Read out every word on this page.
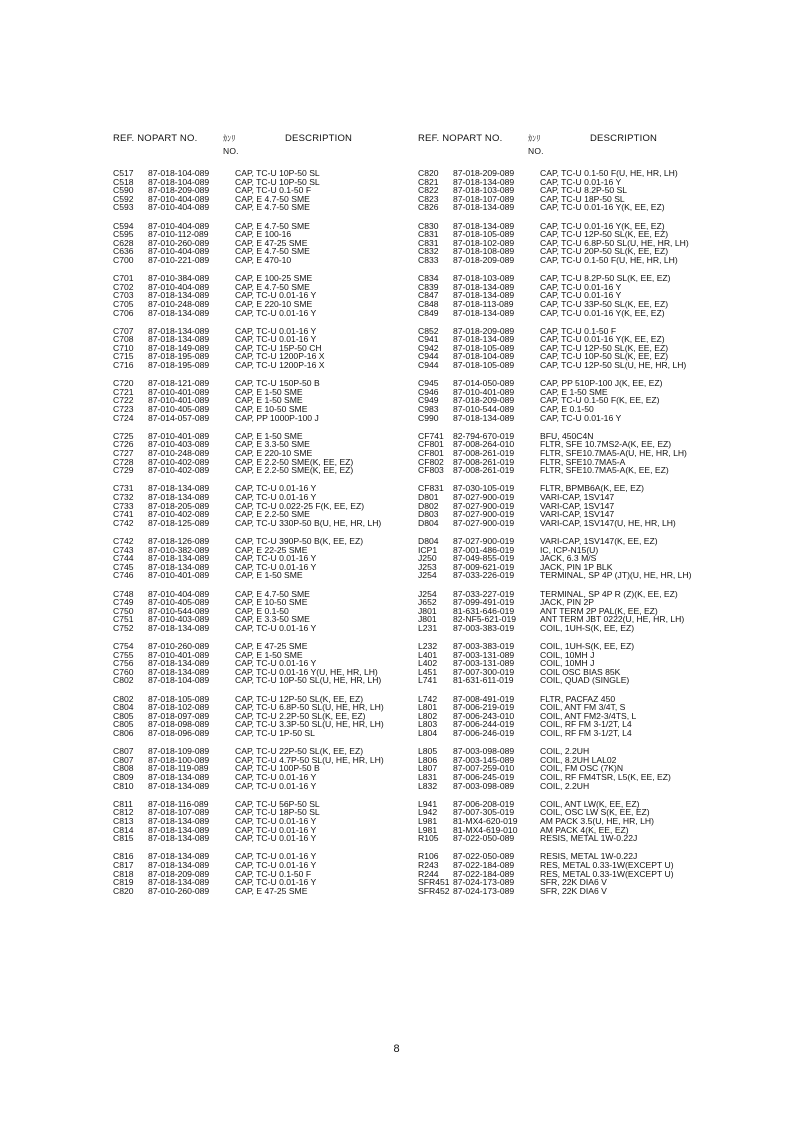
REF. NO PART NO.	ｶﾝﾘ
NO.
DESCRIPTION
C517 87-018-104-089	CAP, TC-U 10P-50 SL
C518 87-018-104-089	CAP, TC-U 10P-50 SL
C590 87-018-209-089	CAP, TC-U 0.1-50 F
C592 87-010-404-089	CAP, E 4.7-50 SME
C593 87-010-404-089	CAP, E 4.7-50 SME
C594 87-010-404-089	CAP, E 4.7-50 SME
C595 87-010-112-089	CAP, E 100-16
C628 87-010-260-089	CAP, E 47-25 SME
C636 87-010-404-089	CAP, E 4.7-50 SME
C700 87-010-221-089	CAP, E 470-10
C701 87-010-384-089	CAP, E 100-25 SME
C702 87-010-404-089	CAP, E 4.7-50 SME
C703 87-018-134-089	CAP, TC-U 0.01-16 Y
C705 87-010-248-089	CAP, E 220-10 SME
C706 87-018-134-089	CAP, TC-U 0.01-16 Y
C707 87-018-134-089	CAP, TC-U 0.01-16 Y
C708 87-018-134-089	CAP, TC-U 0.01-16 Y
C710 87-018-149-089	CAP, TC-U 15P-50 CH
C715 87-018-195-089	CAP, TC-U 1200P-16 X
C716 87-018-195-089	CAP, TC-U 1200P-16 X
C720 87-018-121-089	CAP, TC-U 150P-50 B
C721 87-010-401-089	CAP, E 1-50 SME
C722 87-010-401-089	CAP, E 1-50 SME
C723 87-010-405-089	CAP, E 10-50 SME
C724 87-014-057-089	CAP, PP 1000P-100 J
C725 87-010-401-089	CAP, E 1-50 SME
C726 87-010-403-089	CAP, E 3.3-50 SME
C727 87-010-248-089	CAP, E 220-10 SME
C728 87-010-402-089	CAP, E 2.2-50 SME(K, EE, EZ)
C729 87-010-402-089	CAP, E 2.2-50 SME(K, EE, EZ)
C731 87-018-134-089	CAP, TC-U 0.01-16 Y
C732 87-018-134-089	CAP, TC-U 0.01-16 Y
C733 87-018-205-089	CAP, TC-U 0.022-25 F(K, EE, EZ)
C741 87-010-402-089	CAP, E 2.2-50 SME
C742 87-018-125-089	CAP, TC-U 330P-50 B(U, HE, HR, LH)
C742 87-018-126-089	CAP, TC-U 390P-50 B(K, EE, EZ)
C743 87-010-382-089	CAP, E 22-25 SME
C744 87-018-134-089	CAP, TC-U 0.01-16 Y
C745 87-018-134-089	CAP, TC-U 0.01-16 Y
C746 87-010-401-089	CAP, E 1-50 SME
C748 87-010-404-089	CAP, E 4.7-50 SME
C749 87-010-405-089	CAP, E 10-50 SME
C750 87-010-544-089	CAP, E 0.1-50
C751 87-010-403-089	CAP, E 3.3-50 SME
C752 87-018-134-089	CAP, TC-U 0.01-16 Y
C754 87-010-260-089	CAP, E 47-25 SME
C755 87-010-401-089	CAP, E 1-50 SME
C756 87-018-134-089	CAP, TC-U 0.01-16 Y
C760 87-018-134-089	CAP, TC-U 0.01-16 Y(U, HE, HR, LH)
C802 87-018-104-089	CAP, TC-U 10P-50 SL(U, HE, HR, LH)
C802 87-018-105-089	CAP, TC-U 12P-50 SL(K, EE, EZ)
C804 87-018-102-089	CAP, TC-U 6.8P-50 SL(U, HE, HR, LH)
C805 87-018-097-089	CAP, TC-U 2.2P-50 SL(K, EE, EZ)
C805 87-018-098-089	CAP, TC-U 3.3P-50 SL(U, HE, HR, LH)
C806 87-018-096-089	CAP, TC-U 1P-50 SL
C807 87-018-109-089	CAP, TC-U 22P-50 SL(K, EE, EZ)
C807 87-018-100-089	CAP, TC-U 4.7P-50 SL(U, HE, HR, LH)
C808 87-018-119-089	CAP, TC-U 100P-50 B
C809 87-018-134-089	CAP, TC-U 0.01-16 Y
C810 87-018-134-089	CAP, TC-U 0.01-16 Y
C811 87-018-116-089	CAP, TC-U 56P-50 SL
C812 87-018-107-089	CAP, TC-U 18P-50 SL
C813 87-018-134-089	CAP, TC-U 0.01-16 Y
C814 87-018-134-089	CAP, TC-U 0.01-16 Y
C815 87-018-134-089	CAP, TC-U 0.01-16 Y
C816 87-018-134-089	CAP, TC-U 0.01-16 Y
C817 87-018-134-089	CAP, TC-U 0.01-16 Y
C818 87-018-209-089	CAP, TC-U 0.1-50 F
C819 87-018-134-089	CAP, TC-U 0.01-16 Y
C820 87-010-260-089	CAP, E 47-25 SME
REF. NO PART NO.	ｶﾝﾘ
NO.
DESCRIPTION
C820 87-018-209-089	CAP, TC-U 0.1-50 F(U, HE, HR, LH)
C821 87-018-134-089	CAP, TC-U 0.01-16 Y
C822 87-018-103-089	CAP, TC-U 8.2P-50 SL
C823 87-018-107-089	CAP, TC-U 18P-50 SL
C826 87-018-134-089	CAP, TC-U 0.01-16 Y(K, EE, EZ)
C830 87-018-134-089	CAP, TC-U 0.01-16 Y(K, EE, EZ)
C831 87-018-105-089	CAP, TC-U 12P-50 SL(K, EE, EZ)
C831 87-018-102-089	CAP, TC-U 6.8P-50 SL(U, HE, HR, LH)
C832 87-018-108-089	CAP, TC-U 20P-50 SL(K, EE, EZ)
C833 87-018-209-089	CAP, TC-U 0.1-50 F(U, HE, HR, LH)
C834 87-018-103-089	CAP, TC-U 8.2P-50 SL(K, EE, EZ)
C839 87-018-134-089	CAP, TC-U 0.01-16 Y
C847 87-018-134-089	CAP, TC-U 0.01-16 Y
C848 87-018-113-089	CAP, TC-U 33P-50 SL(K, EE, EZ)
C849 87-018-134-089	CAP, TC-U 0.01-16 Y(K, EE, EZ)
C852 87-018-209-089	CAP, TC-U 0.1-50 F
C941 87-018-134-089	CAP, TC-U 0.01-16 Y(K, EE, EZ)
C942 87-018-105-089	CAP, TC-U 12P-50 SL(K, EE, EZ)
C944 87-018-104-089	CAP, TC-U 10P-50 SL(K, EE, EZ)
C944 87-018-105-089	CAP, TC-U 12P-50 SL(U, HE, HR, LH)
C945 87-014-050-089	CAP, PP 510P-100 J(K, EE, EZ)
C946 87-010-401-089	CAP, E 1-50 SME
C949 87-018-209-089	CAP, TC-U 0.1-50 F(K, EE, EZ)
C983 87-010-544-089	CAP, E 0.1-50
C990 87-018-134-089	CAP, TC-U 0.01-16 Y
CF741 82-794-670-019	BFU, 450C4N
CF801 87-008-264-010	FLTR, SFE 10.7MS2-A(K, EE, EZ)
CF801 87-008-261-019	FLTR, SFE10.7MA5-A(U, HE, HR, LH)
CF802 87-008-261-019	FLTR, SFE10.7MA5-A
CF803 87-008-261-019	FLTR, SFE10.7MA5-A(K, EE, EZ)
CF831 87-030-105-019	FLTR, BPMB6A(K, EE, EZ)
D801 87-027-900-019	VARI-CAP, 1SV147
D802 87-027-900-019	VARI-CAP, 1SV147
D803 87-027-900-019	VARI-CAP, 1SV147
D804 87-027-900-019	VARI-CAP, 1SV147(U, HE, HR, LH)
D804 87-027-900-019	VARI-CAP, 1SV147(K, EE, EZ)
ICP1 87-001-486-019	IC, ICP-N15(U)
J250 87-049-855-019	JACK, 6.3 M/S
J253 87-009-621-019	JACK, PIN 1P BLK
J254 87-033-226-019	TERMINAL, SP 4P (JT)(U, HE, HR, LH)
J254 87-033-227-019	TERMINAL, SP 4P R (Z)(K, EE, EZ)
J652 87-099-491-019	JACK, PIN 2P
J801 81-631-646-019	ANT TERM 2P PAL(K, EE, EZ)
J801 82-NF5-621-019	ANT TERM JBT 0222(U, HE, HR, LH)
L231 87-003-383-019	COIL, 1UH-S(K, EE, EZ)
L232 87-003-383-019	COIL, 1UH-S(K, EE, EZ)
L401 87-003-131-089	COIL, 10MH J
L402 87-003-131-089	COIL, 10MH J
L451 87-007-300-019	COIL OSC BIAS 85K
L741 81-631-611-019	COIL, QUAD (SINGLE)
L742 87-008-491-019	FLTR, PACFAZ 450
L801 87-006-219-019	COIL, ANT FM 3/4T, S
L802 87-006-243-010	COIL, ANT FM2-3/4TS, L
L803 87-006-244-019	COIL, RF FM 3-1/2T, L4
L804 87-006-246-019	COIL, RF FM 3-1/2T, L4
L805 87-003-098-089	COIL, 2.2UH
L806 87-003-145-089	COIL, 8.2UH LAL02
L807 87-007-259-010	COIL, FM OSC (7K)N
L831 87-006-245-019	COIL, RF FM4TSR, L5(K, EE, EZ)
L832 87-003-098-089	COIL, 2.2UH
L941 87-006-208-019	COIL, ANT LW(K, EE, EZ)
L942 87-007-305-019	COIL, OSC LW S(K, EE, EZ)
L981 81-MX4-620-019	AM PACK 3.5(U, HE, HR, LH)
L981 81-MX4-619-010	AM PACK 4(K, EE, EZ)
R105 87-022-050-089	RESIS, METAL 1W-0.22J
R106 87-022-050-089	RESIS, METAL 1W-0.22J
R243 87-022-184-089	RES, METAL 0.33-1W(EXCEPT U)
R244 87-022-184-089	RES, METAL 0.33-1W(EXCEPT U)
SFR451 87-024-173-089	SFR, 22K DIA6 V
SFR452 87-024-173-089	SFR, 22K DIA6 V
8
